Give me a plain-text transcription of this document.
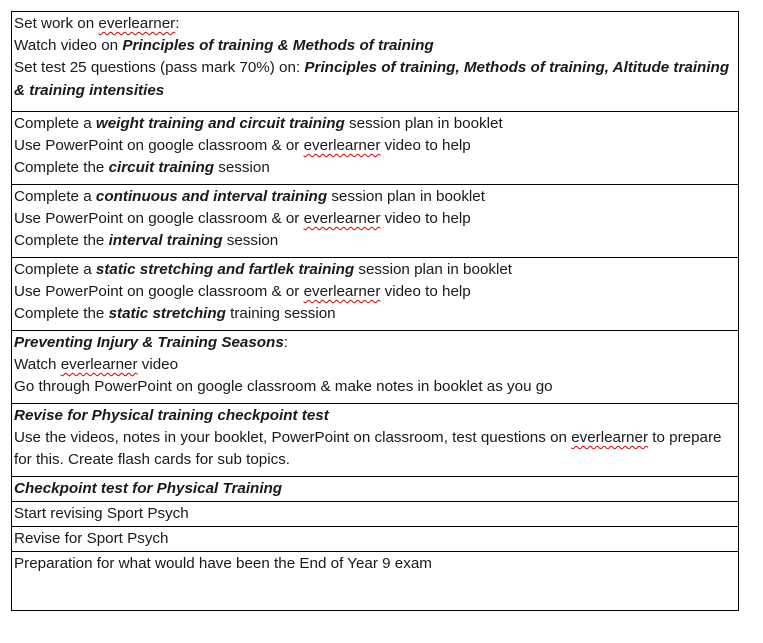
Set work on everlearner:
Watch video on Principles of training & Methods of training
Set test 25 questions (pass mark 70%) on: Principles of training, Methods of training, Altitude training & training intensities

Complete a weight training and circuit training session plan in booklet
Use PowerPoint on google classroom & or everlearner video to help
Complete the circuit training session

Complete a continuous and interval training session plan in booklet
Use PowerPoint on google classroom & or everlearner video to help
Complete the interval training session

Complete a static stretching and fartlek training session plan in booklet
Use PowerPoint on google classroom & or everlearner video to help
Complete the static stretching training session

Preventing Injury & Training Seasons:
Watch everlearner video
Go through PowerPoint on google classroom & make notes in booklet as you go

Revise for Physical training checkpoint test
Use the videos, notes in your booklet, PowerPoint on classroom, test questions on everlearner to prepare for this. Create flash cards for sub topics.

Checkpoint test for Physical Training

Start revising Sport Psych

Revise for Sport Psych

Preparation for what would have been the End of Year 9 exam
